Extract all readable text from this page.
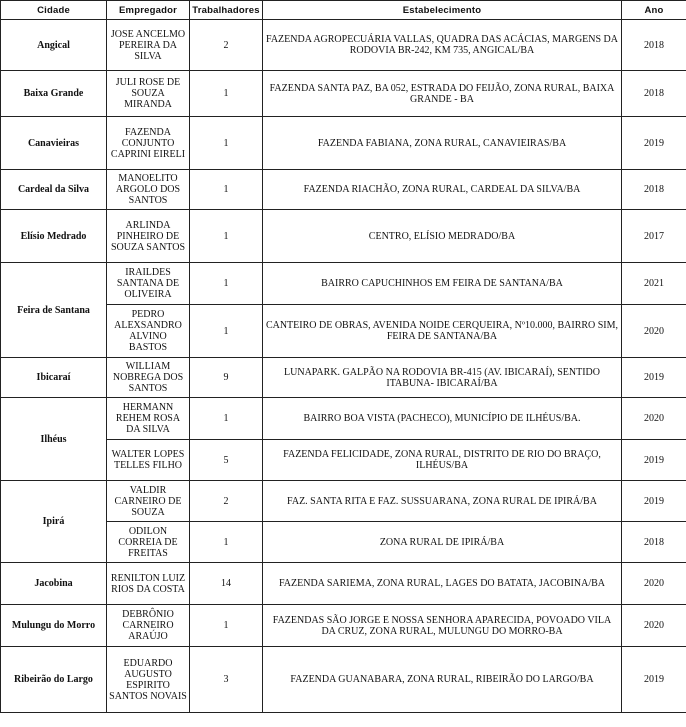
Cidade	Empregador	Trabalhadores	Estabelecimento	Ano
Angical	JOSE ANCELMO PEREIRA DA SILVA	2	FAZENDA AGROPECUÁRIA VALLAS, QUADRA DAS ACÁCIAS, MARGENS DA RODOVIA BR-242, KM 735, ANGICAL/BA	2018
Baixa Grande	JULI ROSE DE SOUZA MIRANDA	1	FAZENDA SANTA PAZ, BA 052, ESTRADA DO FEIJÃO, ZONA RURAL, BAIXA GRANDE - BA	2018
Canavieiras	FAZENDA CONJUNTO CAPRINI EIRELI	1	FAZENDA FABIANA, ZONA RURAL, CANAVIEIRAS/BA	2019
Cardeal da Silva	MANOELITO ARGOLO DOS SANTOS	1	FAZENDA RIACHÃO, ZONA RURAL, CARDEAL DA SILVA/BA	2018
Elísio Medrado	ARLINDA PINHEIRO DE SOUZA SANTOS	1	CENTRO, ELÍSIO MEDRADO/BA	2017
Feira de Santana	IRAILDES SANTANA DE OLIVEIRA	1	BAIRRO CAPUCHINHOS EM FEIRA DE SANTANA/BA	2021
	PEDRO ALEXSANDRO ALVINO BASTOS	1	CANTEIRO DE OBRAS, AVENIDA NOIDE CERQUEIRA, Nº10.000, BAIRRO SIM, FEIRA DE SANTANA/BA	2020
Ibicaraí	WILLIAM NOBREGA DOS SANTOS	9	LUNAPARK. GALPÃO NA RODOVIA BR-415 (AV. IBICARAÍ), SENTIDO ITABUNA- IBICARAÍ/BA	2019
Ilhéus	HERMANN REHEM ROSA DA SILVA	1	BAIRRO BOA VISTA (PACHECO), MUNICÍPIO DE ILHÉUS/BA.	2020
	WALTER LOPES TELLES FILHO	5	FAZENDA FELICIDADE, ZONA RURAL, DISTRITO DE RIO DO BRAÇO, ILHÉUS/BA	2019
Ipirá	VALDIR CARNEIRO DE SOUZA	2	FAZ. SANTA RITA E FAZ. SUSSUARANA, ZONA RURAL DE IPIRÁ/BA	2019
	ODILON CORREIA DE FREITAS	1	ZONA RURAL DE IPIRÁ/BA	2018
Jacobina	RENILTON LUIZ RIOS DA COSTA	14	FAZENDA SARIEMA, ZONA RURAL, LAGES DO BATATA, JACOBINA/BA	2020
Mulungu do Morro	DEBRÔNIO CARNEIRO ARAÚJO	1	FAZENDAS SÃO JORGE E NOSSA SENHORA APARECIDA, POVOADO VILA DA CRUZ, ZONA RURAL, MULUNGU DO MORRO-BA	2020
Ribeirão do Largo	EDUARDO AUGUSTO ESPIRITO SANTOS NOVAIS	3	FAZENDA GUANABARA, ZONA RURAL, RIBEIRÃO DO LARGO/BA	2019
